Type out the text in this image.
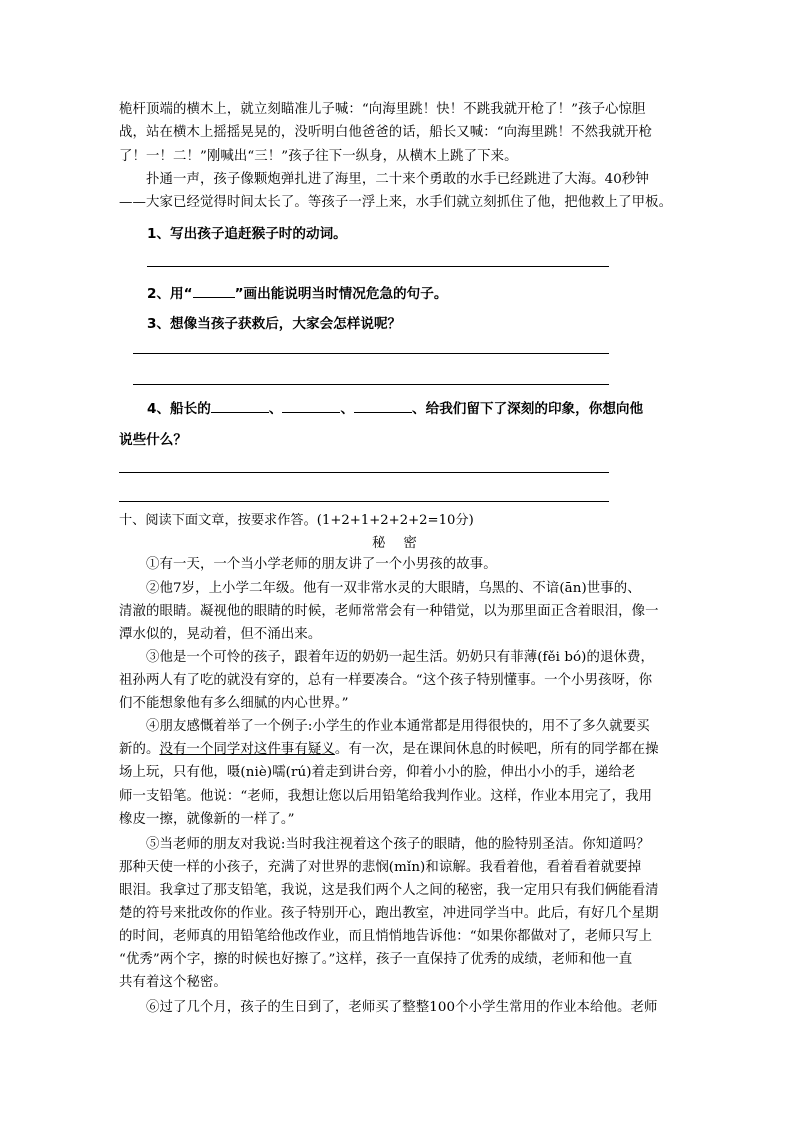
桅杆顶端的横木上，就立刻瞄准儿子喊：“向海里跳！快！不跳我就开枪了！”孩子心惊胆
战，站在横木上摇摇晃晃的，没听明白他爸爸的话，船长又喊：“向海里跳！不然我就开枪
了！一！二！”刚喊出“三！”孩子往下一纵身，从横木上跳了下来。
　　扑通一声，孩子像颗炮弹扎进了海里，二十来个勇敢的水手已经跳进了大海。40秒钟
——大家已经觉得时间太长了。等孩子一浮上来，水手们就立刻抓住了他，把他救上了甲板。
1、写出孩子追赶猴子时的动词。
2、用“	”画出能说明当时情况危急的句子。
3、想像当孩子获救后，大家会怎样说呢？
4、船长的	、	、	、给我们留下了深刻的印象，你想向他
说些什么？
十、阅读下面文章，按要求作答。(1+2+1+2+2+2=10分)
秘密
　　①有一天，一个当小学老师的朋友讲了一个小男孩的故事。
　　②他7岁，上小学二年级。他有一双非常水灵的大眼睛，乌黑的、不谙(ān)世事的、
清澈的眼睛。凝视他的眼睛的时候，老师常常会有一种错觉，以为那里面正含着眼泪，像一
潭水似的，晃动着，但不涌出来。
　　③他是一个可怜的孩子，跟着年迈的奶奶一起生活。奶奶只有菲薄(fěi bó)的退休费，
祖孙两人有了吃的就没有穿的，总有一样要凑合。“这个孩子特别懂事。一个小男孩呀，你
们不能想象他有多么细腻的内心世界。”
　　④朋友感慨着举了一个例子:小学生的作业本通常都是用得很快的，用不了多久就要买
新的。没有一个同学对这件事有疑义。有一次，是在课间休息的时候吧，所有的同学都在操
场上玩，只有他，嗫(niè)嚅(rú)着走到讲台旁，仰着小小的脸，伸出小小的手，递给老
师一支铅笔。他说：“老师，我想让您以后用铅笔给我判作业。这样，作业本用完了，我用
橡皮一擦，就像新的一样了。”
　　⑤当老师的朋友对我说:当时我注视着这个孩子的眼睛，他的脸特别圣洁。你知道吗？
那种天使一样的小孩子，充满了对世界的悲悯(mǐn)和谅解。我看着他，看着看着就要掉
眼泪。我拿过了那支铅笔，我说，这是我们两个人之间的秘密，我一定用只有我们俩能看清
楚的符号来批改你的作业。孩子特别开心，跑出教室，冲进同学当中。此后，有好几个星期
的时间，老师真的用铅笔给他改作业，而且悄悄地告诉他：“如果你都做对了，老师只写上
“优秀”两个字，擦的时候也好擦了。”这样，孩子一直保持了优秀的成绩，老师和他一直
共有着这个秘密。
　　⑥过了几个月，孩子的生日到了，老师买了整整100个小学生常用的作业本给他。老师
